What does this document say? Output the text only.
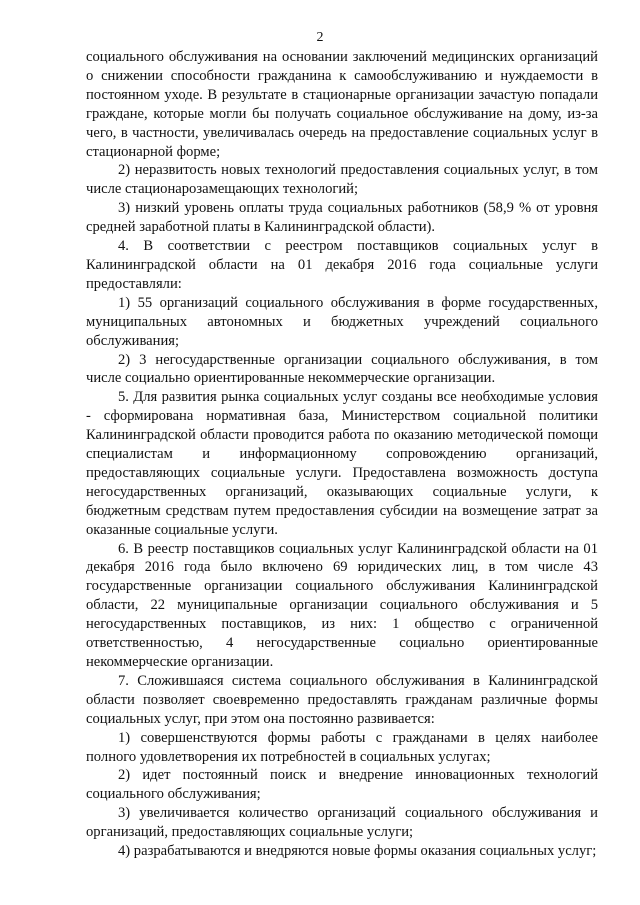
2

социального обслуживания на основании заключений медицинских организаций о снижении способности гражданина к самообслуживанию и нуждаемости в постоянном уходе. В результате в стационарные организации зачастую попадали граждане, которые могли бы получать социальное обслуживание на дому, из-за чего, в частности, увеличивалась очередь на предоставление социальных услуг в стационарной форме;

2) неразвитость новых технологий предоставления социальных услуг, в том числе стационарозамещающих технологий;

3) низкий уровень оплаты труда социальных работников (58,9 % от уровня средней заработной платы в Калининградской области).

4. В соответствии с реестром поставщиков социальных услуг в Калининградской области на 01 декабря 2016 года социальные услуги предоставляли:

1) 55 организаций социального обслуживания в форме государственных, муниципальных автономных и бюджетных учреждений социального обслуживания;

2) 3 негосударственные организации социального обслуживания, в том числе социально ориентированные некоммерческие организации.

5. Для развития рынка социальных услуг созданы все необходимые условия - сформирована нормативная база, Министерством социальной политики Калининградской области проводится работа по оказанию методической помощи специалистам и информационному сопровождению организаций, предоставляющих социальные услуги. Предоставлена возможность доступа негосударственных организаций, оказывающих социальные услуги, к бюджетным средствам путем предоставления субсидии на возмещение затрат за оказанные социальные услуги.

6. В реестр поставщиков социальных услуг Калининградской области на 01 декабря 2016 года было включено 69 юридических лиц, в том числе 43 государственные организации социального обслуживания Калининградской области, 22 муниципальные организации социального обслуживания и 5 негосударственных поставщиков, из них: 1 общество с ограниченной ответственностью, 4 негосударственные социально ориентированные некоммерческие организации.

7. Сложившаяся система социального обслуживания в Калининградской области позволяет своевременно предоставлять гражданам различные формы социальных услуг, при этом она постоянно развивается:

1) совершенствуются формы работы с гражданами в целях наиболее полного удовлетворения их потребностей в социальных услугах;

2) идет постоянный поиск и внедрение инновационных технологий социального обслуживания;

3) увеличивается количество организаций социального обслуживания и организаций, предоставляющих социальные услуги;

4) разрабатываются и внедряются новые формы оказания социальных услуг;
